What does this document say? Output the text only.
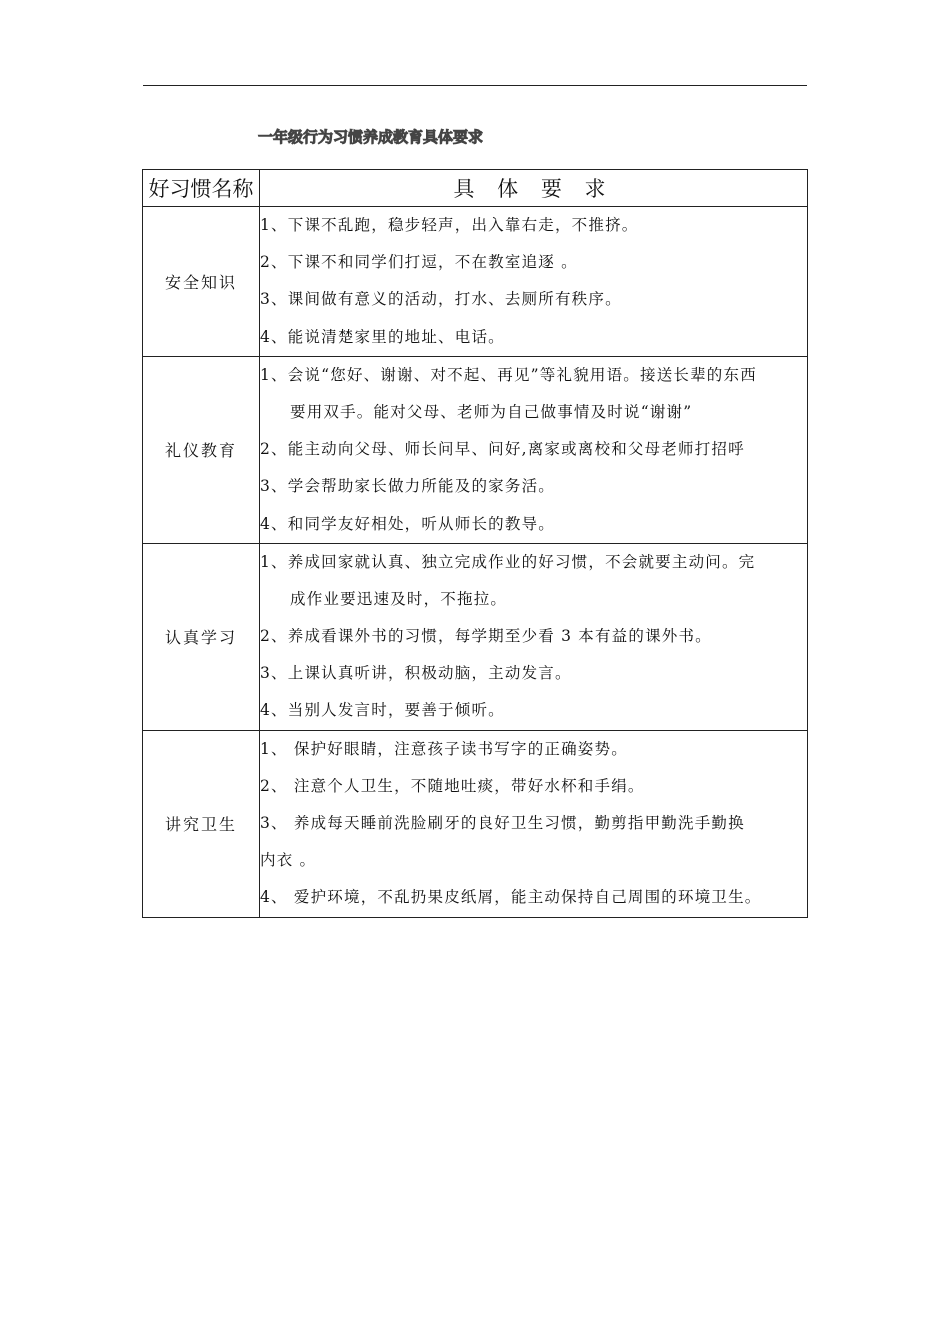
一年级行为习惯养成教育具体要求
好习惯名称	具 体 要 求
安全知识	1、下课不乱跑，稳步轻声，出入靠右走，不推挤。
2、下课不和同学们打逗，不在教室追逐 。
3、课间做有意义的活动，打水、去厕所有秩序。
4、能说清楚家里的地址、电话。

礼仪教育	1、会说“您好、谢谢、对不起、再见”等礼貌用语。接送长辈的东西
要用双手。能对父母、老师为自己做事情及时说“谢谢”
2、能主动向父母、师长问早、问好,离家或离校和父母老师打招呼
3、学会帮助家长做力所能及的家务活。
4、和同学友好相处，听从师长的教导。

认真学习	1、养成回家就认真、独立完成作业的好习惯，不会就要主动问。完
成作业要迅速及时，不拖拉。
2、养成看课外书的习惯，每学期至少看 3 本有益的课外书。
3、上课认真听讲，积极动脑，主动发言。
4、当别人发言时，要善于倾听。

讲究卫生	1、 保护好眼睛，注意孩子读书写字的正确姿势。
2、 注意个人卫生，不随地吐痰，带好水杯和手绢。
3、 养成每天睡前洗脸刷牙的良好卫生习惯，勤剪指甲勤洗手勤换
内衣 。
4、 爱护环境，不乱扔果皮纸屑，能主动保持自己周围的环境卫生。
